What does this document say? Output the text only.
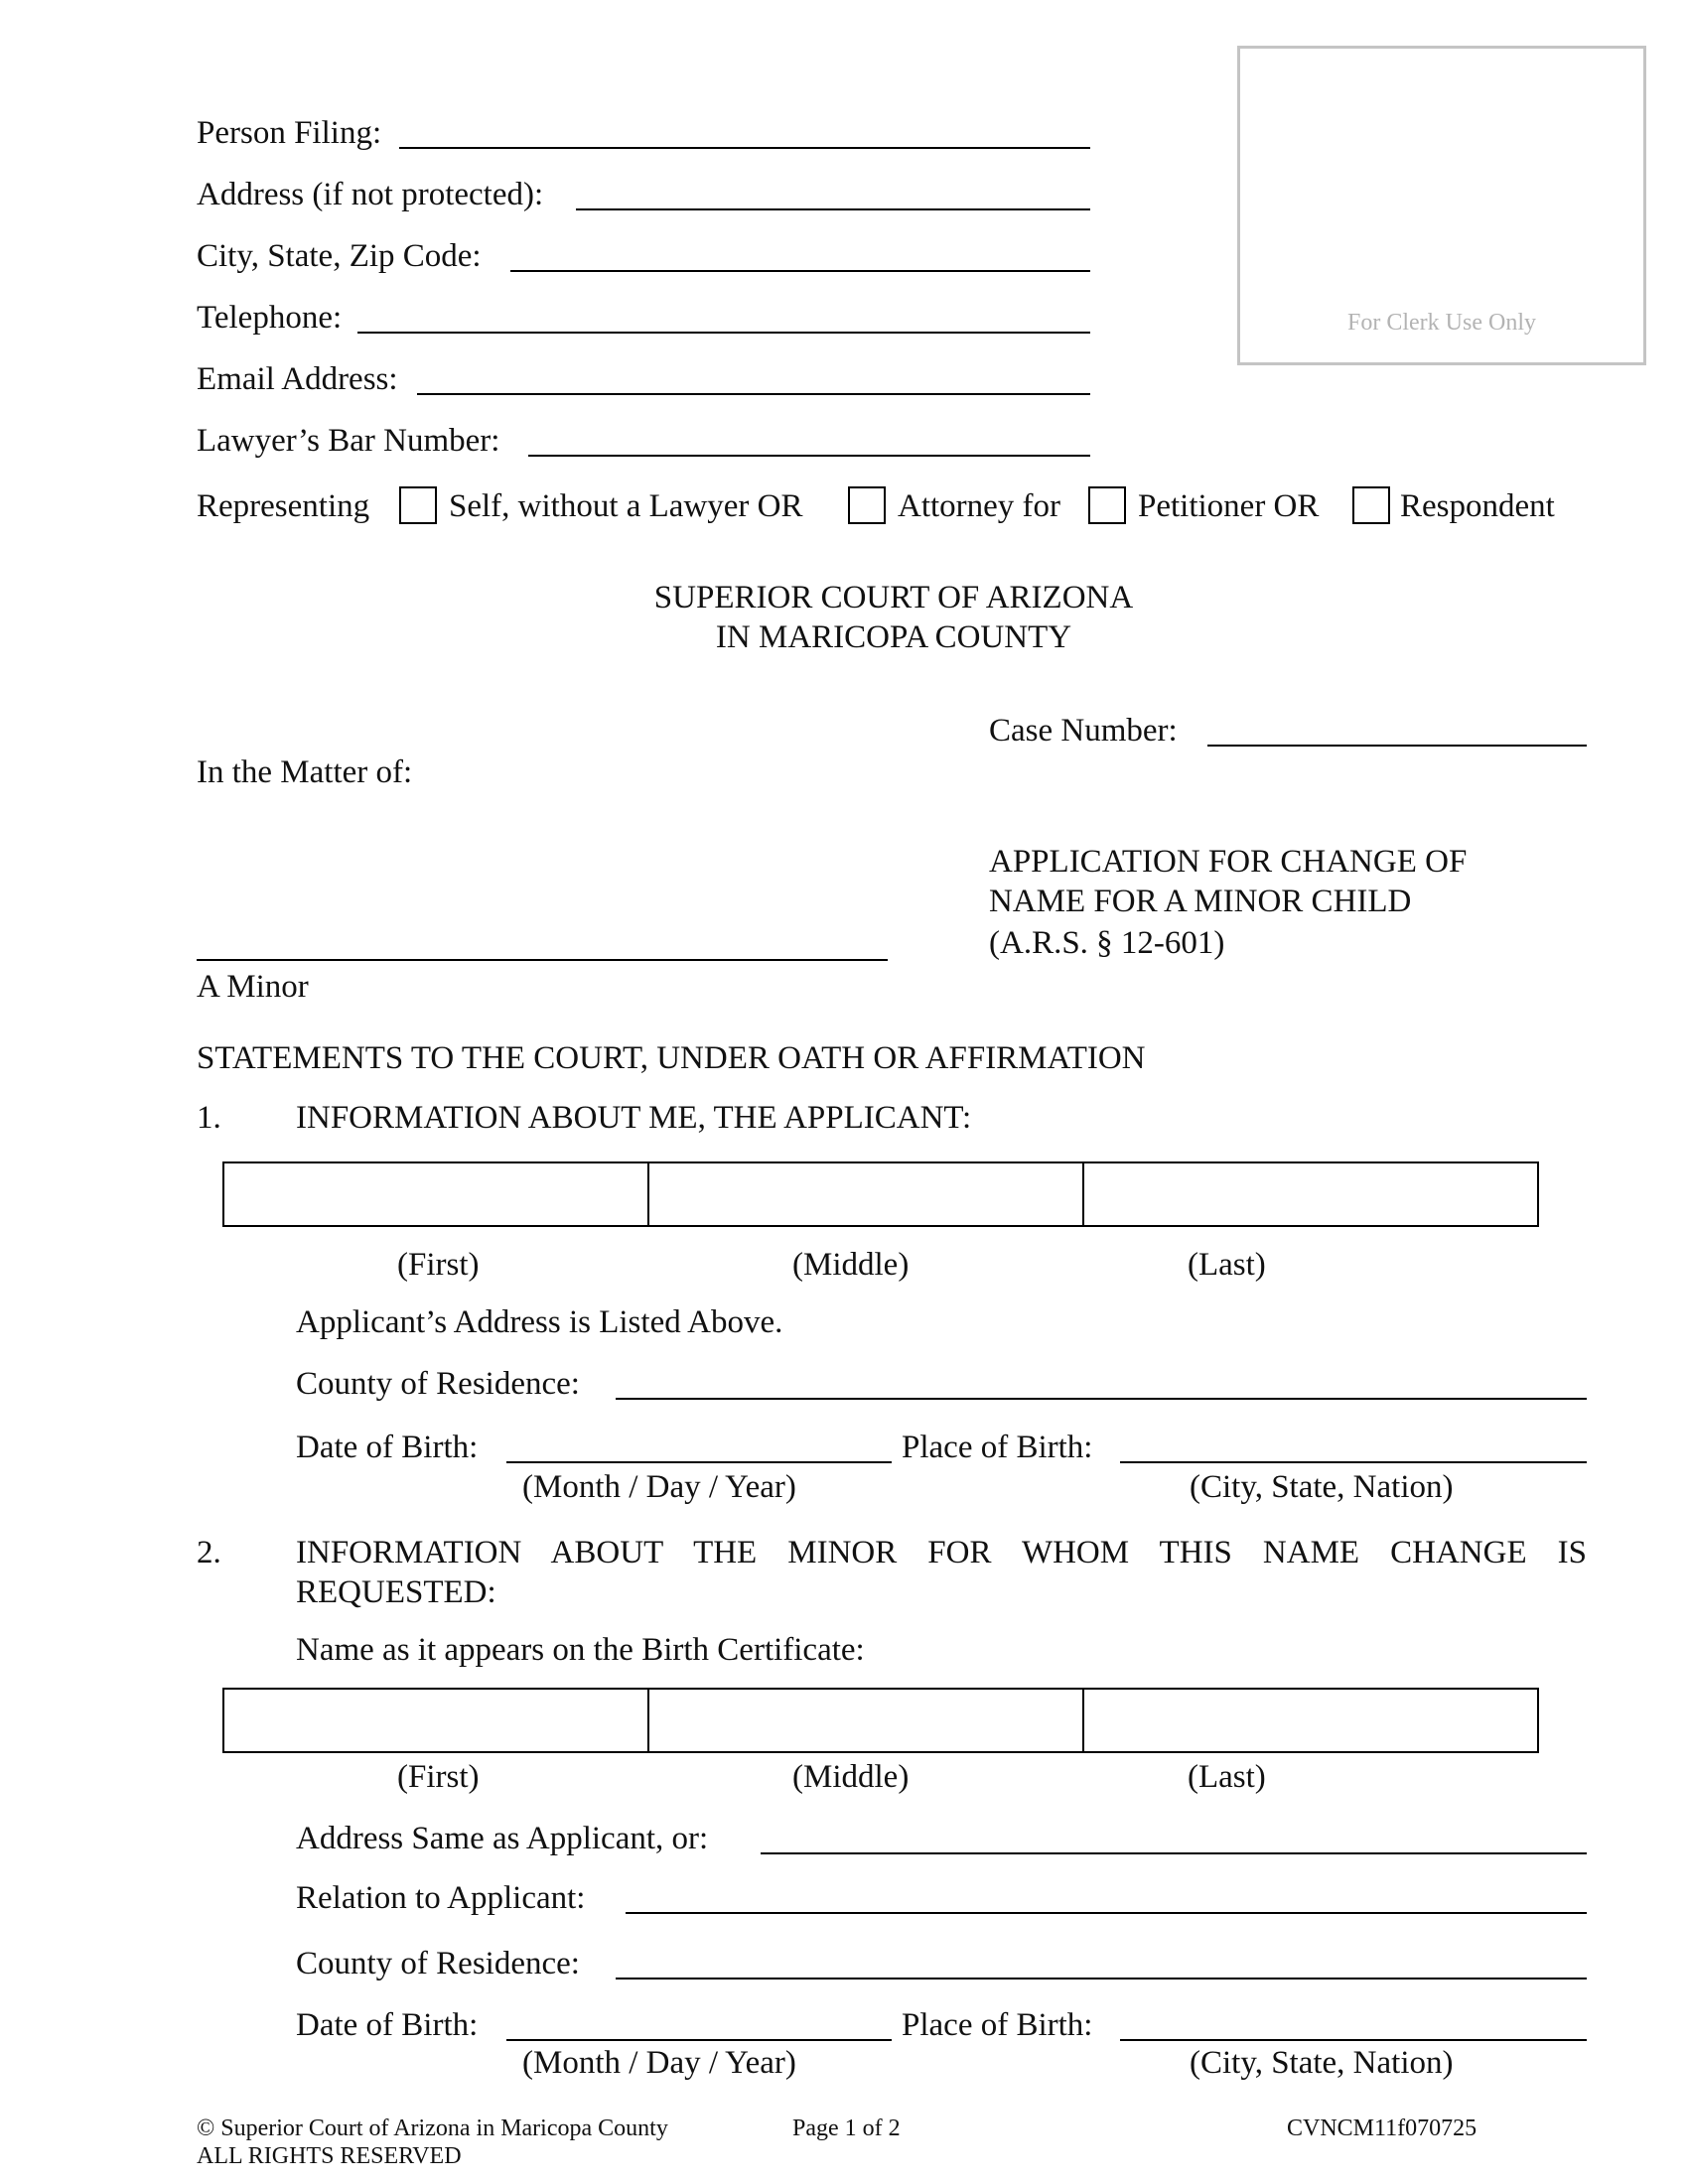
Person Filing:
Address (if not protected):
City, State, Zip Code:
Telephone:
Email Address:
Lawyer’s Bar Number:
Representing Self, without a Lawyer OR	Attorney for Petitioner OR Respondent
For Clerk Use Only
SUPERIOR COURT OF ARIZONA
IN MARICOPA COUNTY
Case Number:
In the Matter of:
APPLICATION FOR CHANGE OF
NAME FOR A MINOR CHILD
(A.R.S. § 12-601)
A Minor
STATEMENTS TO THE COURT, UNDER OATH OR AFFIRMATION
1. INFORMATION ABOUT ME, THE APPLICANT:
(First)	(Middle)	(Last)
Applicant’s Address is Listed Above.
County of Residence:
Date of Birth:	Place of Birth:
(Month / Day / Year)	(City, State, Nation)
2. INFORMATION ABOUT THE MINOR FOR WHOM THIS NAME CHANGE IS
REQUESTED:
Name as it appears on the Birth Certificate:
(First)	(Middle)	(Last)
Address Same as Applicant, or:
Relation to Applicant:
County of Residence:
Date of Birth:	Place of Birth:
(Month / Day / Year)	(City, State, Nation)
© Superior Court of Arizona in Maricopa County
ALL RIGHTS RESERVED
Page 1 of 2	CVNCM11f070725
